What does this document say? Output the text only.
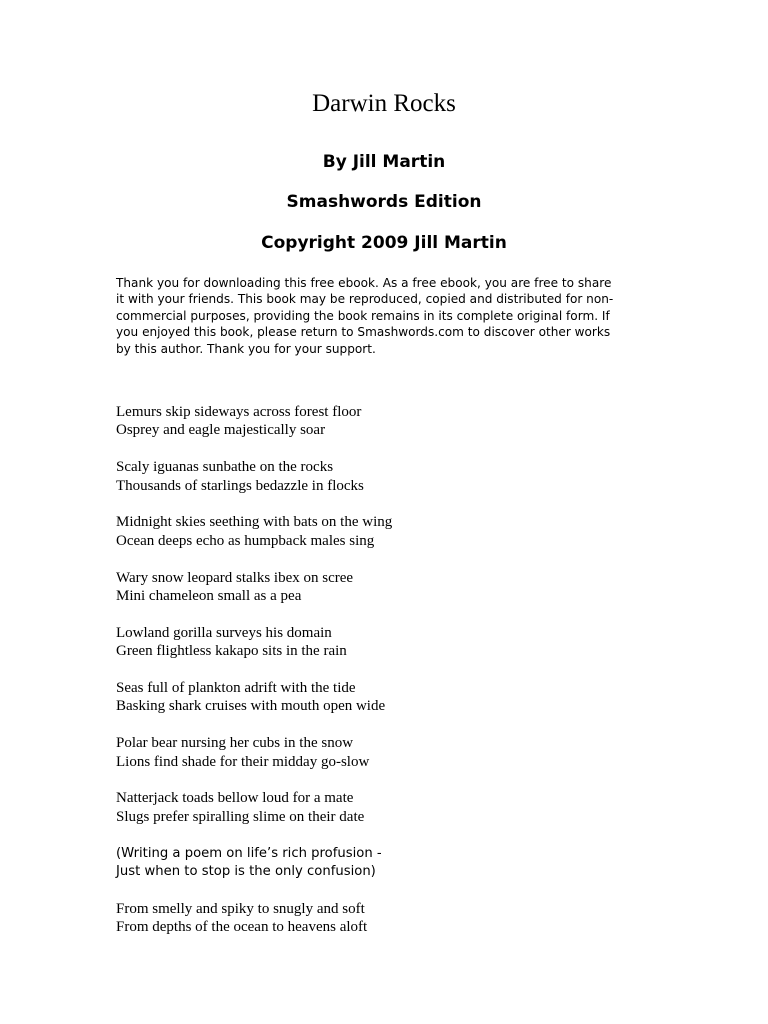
Darwin Rocks

By Jill Martin

Smashwords Edition

Copyright 2009 Jill Martin

Thank you for downloading this free ebook. As a free ebook, you are free to share
it with your friends. This book may be reproduced, copied and distributed for non-
commercial purposes, providing the book remains in its complete original form. If
you enjoyed this book, please return to Smashwords.com to discover other works
by this author. Thank you for your support.

Lemurs skip sideways across forest floor
Osprey and eagle majestically soar

Scaly iguanas sunbathe on the rocks
Thousands of starlings bedazzle in flocks

Midnight skies seething with bats on the wing
Ocean deeps echo as humpback males sing

Wary snow leopard stalks ibex on scree
Mini chameleon small as a pea

Lowland gorilla surveys his domain
Green flightless kakapo sits in the rain

Seas full of plankton adrift with the tide
Basking shark cruises with mouth open wide

Polar bear nursing her cubs in the snow
Lions find shade for their midday go-slow

Natterjack toads bellow loud for a mate
Slugs prefer spiralling slime on their date

(Writing a poem on life’s rich profusion -
Just when to stop is the only confusion)

From smelly and spiky to snugly and soft
From depths of the ocean to heavens aloft
